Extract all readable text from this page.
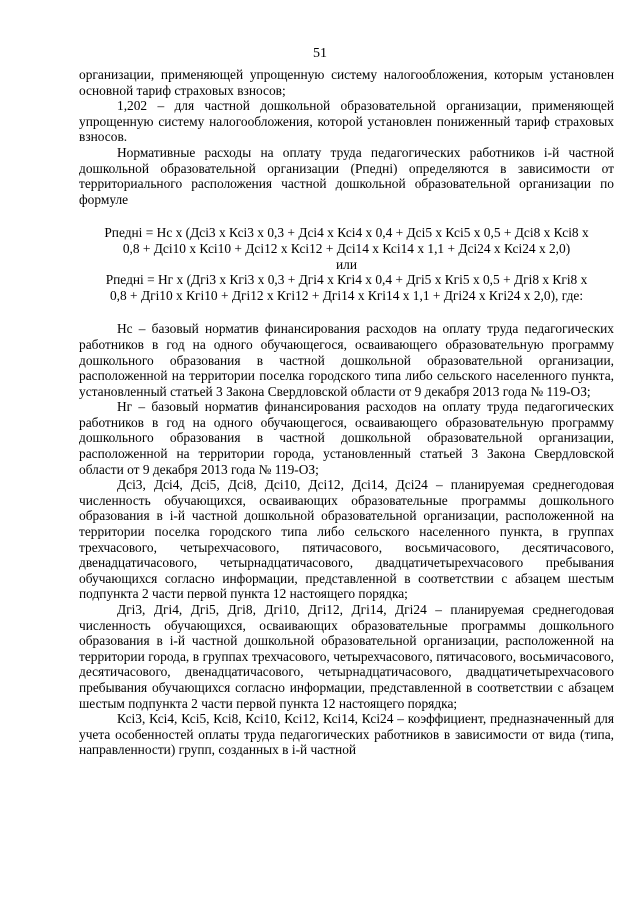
51

организации, применяющей упрощенную систему налогообложения, которым установлен основной тариф страховых взносов;

1,202 – для частной дошкольной образовательной организации, применяющей упрощенную систему налогообложения, которой установлен пониженный тариф страховых взносов.

Нормативные расходы на оплату труда педагогических работников i-й частной дошкольной образовательной организации (Рпедні) определяются в зависимости от территориального расположения частной дошкольной образовательной организации по формуле

Рпедні = Нс х (Дсі3 х Ксі3 х 0,3 + Дсі4 х Ксі4 х 0,4 + Дсі5 х Ксі5 х 0,5 + Дсі8 х Ксі8 х

0,8 + Дсі10 х Ксі10 + Дсі12 х Ксі12 + Дсі14 х Ксі14 х 1,1 + Дсі24 х Ксі24 х 2,0)

или

Рпедні = Нг х (Дгі3 х Кгі3 х 0,3 + Дгі4 х Кгі4 х 0,4 + Дгі5 х Кгі5 х 0,5 + Дгі8 х Кгі8 х

0,8 + Дгі10 х Кгі10 + Дгі12 х Кгі12 + Дгі14 х Кгі14 х 1,1 + Дгі24 х Кгі24 х 2,0), где:

Нс – базовый норматив финансирования расходов на оплату труда педагогических работников в год на одного обучающегося, осваивающего образовательную программу дошкольного образования в частной дошкольной образовательной организации, расположенной на территории поселка городского типа либо сельского населенного пункта, установленный статьей 3 Закона Свердловской области от 9 декабря 2013 года № 119-ОЗ;

Нг – базовый норматив финансирования расходов на оплату труда педагогических работников в год на одного обучающегося, осваивающего образовательную программу дошкольного образования в частной дошкольной образовательной организации, расположенной на территории города, установленный статьей 3 Закона Свердловской области от 9 декабря 2013 года № 119-ОЗ;

Дсі3, Дсі4, Дсі5, Дсі8, Дсі10, Дсі12, Дсі14, Дсі24 – планируемая среднегодовая численность обучающихся, осваивающих образовательные программы дошкольного образования в i-й частной дошкольной образовательной организации, расположенной на территории поселка городского типа либо сельского населенного пункта, в группах трехчасового, четырехчасового, пятичасового, восьмичасового, десятичасового, двенадцатичасового, четырнадцатичасового, двадцатичетырехчасового пребывания обучающихся согласно информации, представленной в соответствии с абзацем шестым подпункта 2 части первой пункта 12 настоящего порядка;

Дгі3, Дгі4, Дгі5, Дгі8, Дгі10, Дгі12, Дгі14, Дгі24 – планируемая среднегодовая численность обучающихся, осваивающих образовательные программы дошкольного образования в i-й частной дошкольной образовательной организации, расположенной на территории города, в группах трехчасового, четырехчасового, пятичасового, восьмичасового, десятичасового, двенадцатичасового, четырнадцатичасового, двадцатичетырехчасового пребывания обучающихся согласно информации, представленной в соответствии с абзацем шестым подпункта 2 части первой пункта 12 настоящего порядка;

Ксі3, Ксі4, Ксі5, Ксі8, Ксі10, Ксі12, Ксі14, Ксі24 – коэффициент, предназначенный для учета особенностей оплаты труда педагогических работников в зависимости от вида (типа, направленности) групп, созданных в i-й частной
